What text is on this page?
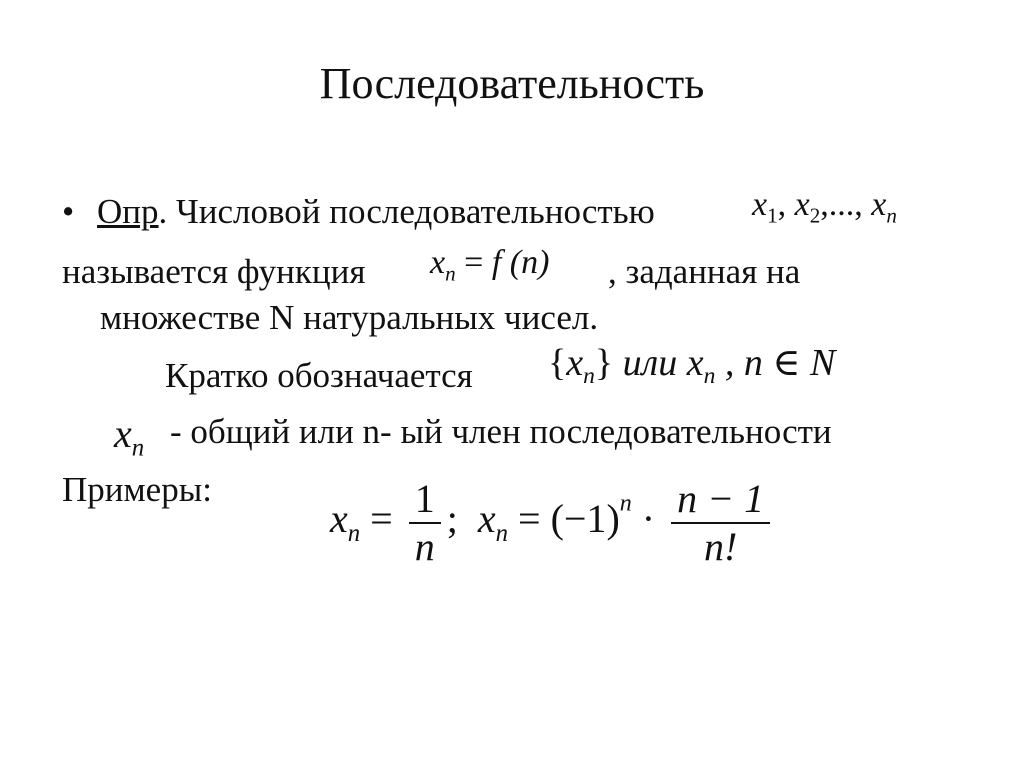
Последовательность
• Опр. Числовой последовательностью	$x_1$, $x_2$,..., $x_n$
называется функция $x_n = f$ (n) , заданная на
множестве N натуральных чисел.
Кратко обозначается $\{x_n\}$ или $x_n$ , n ∈ N
$x_n$ - общий или n- ый член последовательности
Примеры:
$x_n = \frac{1}{n}$ ; $x_n = (-1)^n \cdot \frac{n - 1}{n!}$
